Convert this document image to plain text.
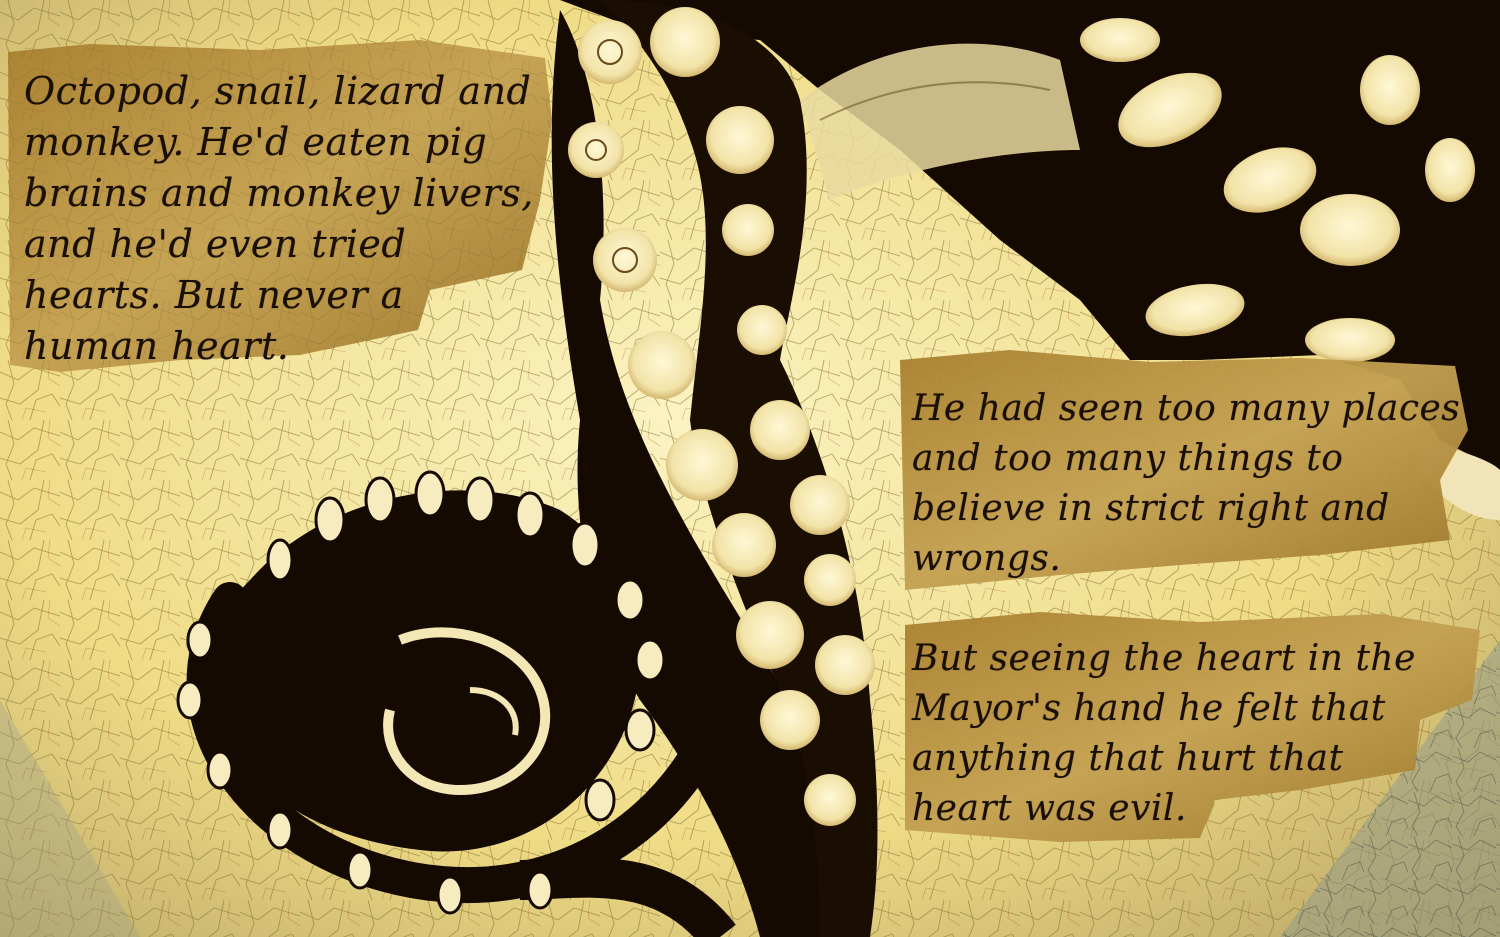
Octopod, snail, lizard and
monkey. He'd eaten pig
brains and monkey livers,
and he'd even tried
hearts. But never a
human heart.
He had seen too many places
and too many things to
believe in strict right and
wrongs.
But seeing the heart in the
Mayor's hand he felt that
anything that hurt that
heart was evil.
